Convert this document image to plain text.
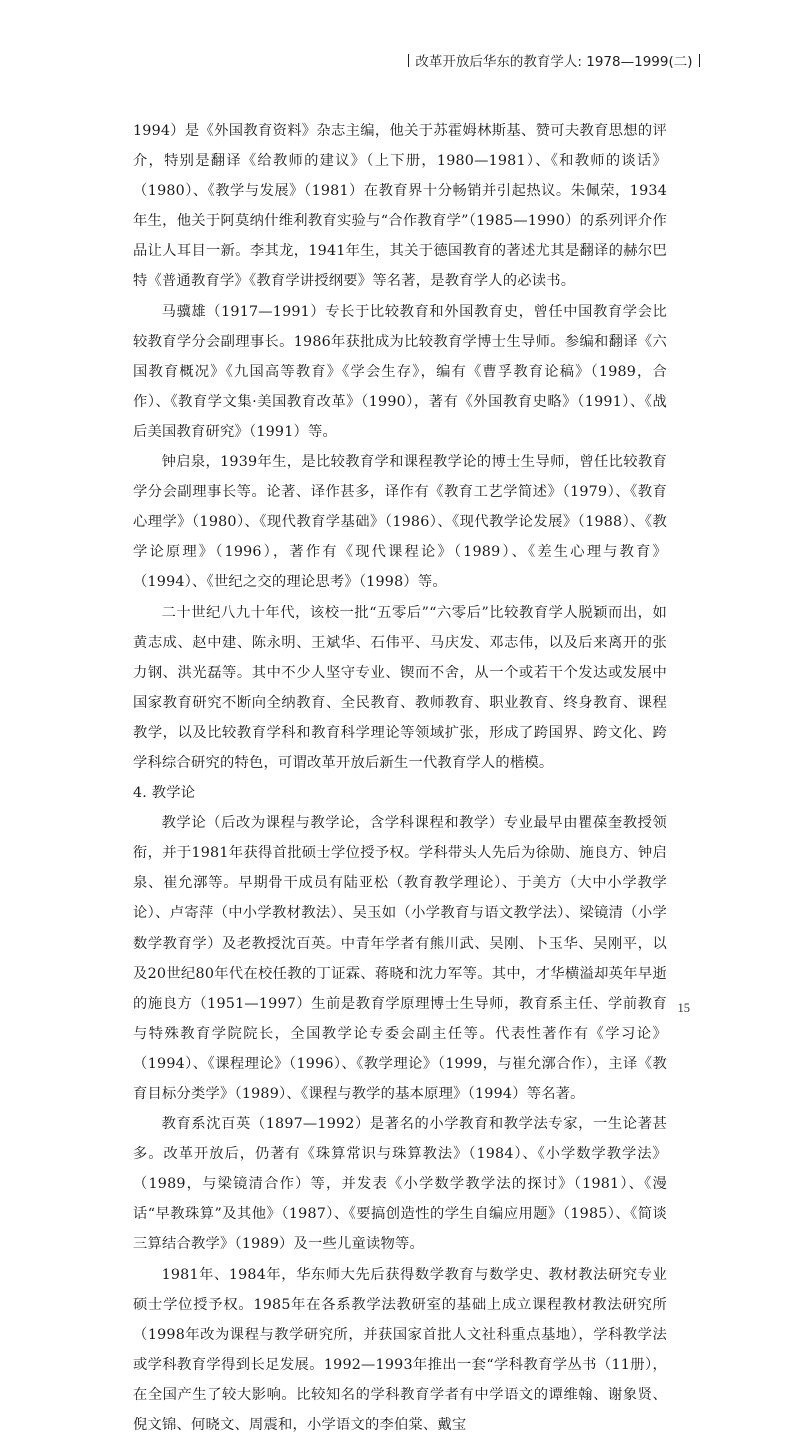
改革开放后华东的教育学人: 1978—1999(二)

1994）是《外国教育资料》杂志主编，他关于苏霍姆林斯基、赞可夫教育思想的评介，特别是翻译《给教师的建议》（上下册，1980—1981）、《和教师的谈话》（1980）、《教学与发展》（1981）在教育界十分畅销并引起热议。朱佩荣，1934年生，他关于阿莫纳什维利教育实验与“合作教育学”（1985—1990）的系列评介作品让人耳目一新。李其龙，1941年生，其关于德国教育的著述尤其是翻译的赫尔巴特《普通教育学》《教育学讲授纲要》等名著，是教育学人的必读书。

马骥雄（1917—1991）专长于比较教育和外国教育史，曾任中国教育学会比较教育学分会副理事长。1986年获批成为比较教育学博士生导师。参编和翻译《六国教育概况》《九国高等教育》《学会生存》，编有《曹孚教育论稿》（1989，合作）、《教育学文集·美国教育改革》（1990），著有《外国教育史略》（1991）、《战后美国教育研究》（1991）等。

钟启泉，1939年生，是比较教育学和课程教学论的博士生导师，曾任比较教育学分会副理事长等。论著、译作甚多，译作有《教育工艺学简述》（1979）、《教育心理学》（1980）、《现代教育学基础》（1986）、《现代教学论发展》（1988）、《教学论原理》（1996），著作有《现代课程论》（1989）、《差生心理与教育》（1994）、《世纪之交的理论思考》（1998）等。

二十世纪八九十年代，该校一批“五零后”“六零后”比较教育学人脱颖而出，如黄志成、赵中建、陈永明、王斌华、石伟平、马庆发、邓志伟，以及后来离开的张力钢、洪光磊等。其中不少人坚守专业、锲而不舍，从一个或若干个发达或发展中国家教育研究不断向全纳教育、全民教育、教师教育、职业教育、终身教育、课程教学，以及比较教育学科和教育科学理论等领域扩张，形成了跨国界、跨文化、跨学科综合研究的特色，可谓改革开放后新生一代教育学人的楷模。

4. 教学论

教学论（后改为课程与教学论，含学科课程和教学）专业最早由瞿葆奎教授领衔，并于1981年获得首批硕士学位授予权。学科带头人先后为徐勋、施良方、钟启泉、崔允漷等。早期骨干成员有陆亚松（教育教学理论）、于美方（大中小学教学论）、卢寄萍（中小学教材教法）、吴玉如（小学教育与语文教学法）、梁镜清（小学数学教育学）及老教授沈百英。中青年学者有熊川武、吴刚、卜玉华、吴刚平，以及20世纪80年代在校任教的丁证霖、蒋晓和沈力军等。其中，才华横溢却英年早逝的施良方（1951—1997）生前是教育学原理博士生导师，教育系主任、学前教育与特殊教育学院院长，全国教学论专委会副主任等。代表性著作有《学习论》（1994）、《课程理论》（1996）、《教学理论》（1999，与崔允漷合作），主译《教育目标分类学》（1989）、《课程与教学的基本原理》（1994）等名著。

教育系沈百英（1897—1992）是著名的小学教育和教学法专家，一生论著甚多。改革开放后，仍著有《珠算常识与珠算教法》（1984）、《小学数学教学法》（1989，与梁镜清合作）等，并发表《小学数学教学法的探讨》（1981）、《漫话“早教珠算”及其他》（1987）、《要搞创造性的学生自编应用题》（1985）、《简谈三算结合教学》（1989）及一些儿童读物等。

1981年、1984年，华东师大先后获得数学教育与数学史、教材教法研究专业硕士学位授予权。1985年在各系教学法教研室的基础上成立课程教材教法研究所（1998年改为课程与教学研究所，并获国家首批人文社科重点基地），学科教学法或学科教育学得到长足发展。1992—1993年推出一套“学科教育学丛书（11册），在全国产生了较大影响。比较知名的学科教育学者有中学语文的谭维翰、谢象贤、倪文锦、何晓文、周震和，小学语文的李伯棠、戴宝

15
